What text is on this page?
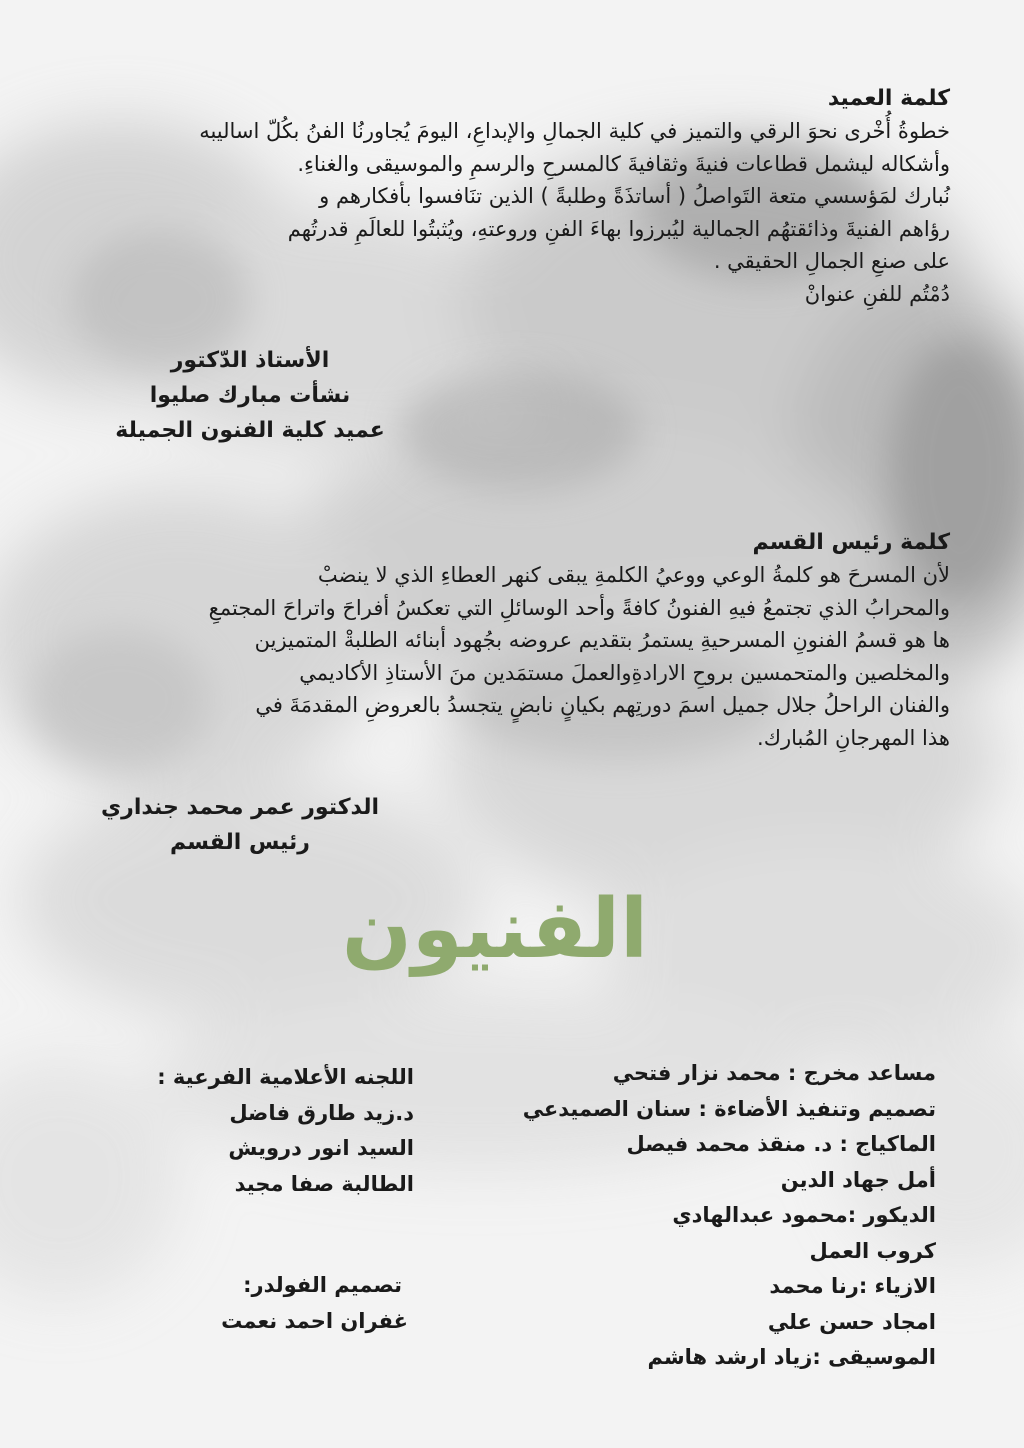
كلمة العميد
خطوةُ أُخْرى نحوَ الرقي والتميز في كلية الجمالِ والإبداعِ، اليومَ يُجاورنُا الفنُ بكُلّ اساليبه
وأشكاله ليشمل قطاعات فنيةَ وثقافيةَ كالمسرحِ والرسمِ والموسيقى والغناءِ.
نُبارك لمَؤسسي متعة التَواصلُ ( أساتذَةً وطلبةً ) الذين تنَافسوا بأفكارهم و
رؤاهم الفنيةَ وذائقتهُم الجمالية ليُبرزوا بهاءَ الفنِ وروعتهِ، ويُثبتُوا للعالَمِ قدرتُهم
على صنعِ الجمالِ الحقيقي .
دُمْتُم للفنِ عنوانْ
الأستاذ الدّكتور
نشأت مبارك صليوا
عميد كلية الفنون الجميلة
كلمة رئيس القسم
لأن المسرحَ هو كلمةُ الوعي ووعيُ الكلمةِ يبقى كنهر العطاءِ الذي لا ينضبْ
والمحرابُ الذي تجتمعُ فيهِ الفنونُ كافةً وأحد الوسائلِ التي تعكسُ أفراحَ واتراحَ المجتمعِ
ها هو قسمُ الفنونِ المسرحيةِ يستمرُ بتقديم عروضه بجُهود أبنائه الطلبةْ المتميزين
والمخلصين والمتحمسين بروحِ الارادةِوالعملَ مستمَدين منَ الأستاذِ الأكاديمي
والفنان الراحلُ جلال جميل اسمَ دورتِهم بكيانٍ نابضٍ يتجسدُ بالعروضِ المقدمَةَ في
هذا المهرجانِ المُبارك.
الدكتور عمر محمد جنداري
رئيس القسم
الفنيون
مساعد مخرج : محمد نزار فتحي
تصميم وتنفيذ الأضاءة : سنان الصميدعي
الماكياج : د. منقذ محمد فيصل
أمل جهاد الدين
الديكور :محمود عبدالهادي
كروب العمل
الازياء :رنا محمد
امجاد حسن علي
الموسيقى :زياد ارشد هاشم
اللجنه الأعلامية الفرعية :
د.زيد طارق فاضل
السيد انور درويش
الطالبة صفا مجيد
تصميم الفولدر:
غفران احمد نعمت
